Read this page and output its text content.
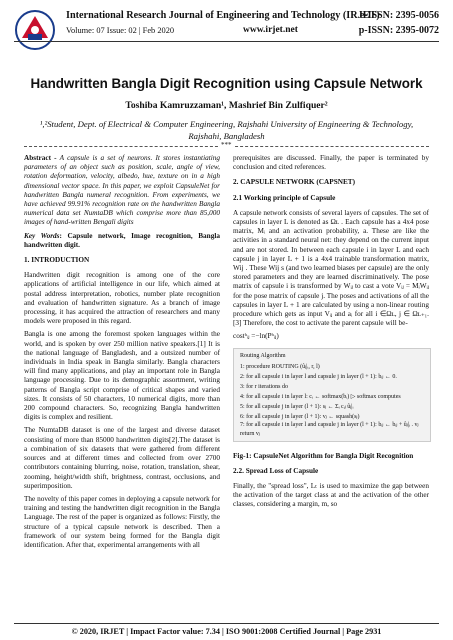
International Research Journal of Engineering and Technology (IRJET)
e-ISSN: 2395-0056
Volume: 07 Issue: 02 | Feb 2020	www.irjet.net	p-ISSN: 2395-0072
Handwritten Bangla Digit Recognition using Capsule Network
Toshiba Kamruzzaman¹, Mashrief Bin Zulfiquer²
¹,²Student, Dept. of Electrical & Computer Engineering, Rajshahi University of Engineering & Technology,
Rajshahi, Bangladesh
***

Abstract - A capsule is a set of neurons. It stores instantiating parameters of an object such as position, scale, angle of view, rotation deformation, velocity, albedo, hue, texture on in a high dimensional vector space. In this paper, we exploit CapsuleNet for handwritten Bangla numeral recognition. From experiments, we have achieved 99.91% recognition rate on the handwritten Bangla numerical data set NumtaDB which comprise more than 85,000 images of hand-written Bengali digits

Key Words: Capsule network, Image recognition, Bangla handwritten digit.

1. INTRODUCTION

Handwritten digit recognition is among one of the core applications of artificial intelligence in our life, which aimed at postal address interpretation, robotics, number plate recognition and evaluation of handwritten signature. As a branch of image processing, it has acquired the attraction of researchers and many models were proposed in this regard.

Bangla is one among the foremost spoken languages within the world, and is spoken by over 250 million native speakers.[1] It is the national language of Bangladesh, and a outsized number of individuals in India speak in Bangla similarly. Bangla characters will find many applications, and play an important role in Bangla language processing. Due to its demographic assortment, writing patterns of Bangla script comprise of critical shapes and varied sizes. It consists of 50 characters, 10 numerical digits, more than 200 compound characters. So, recognizing Bangla handwritten digits is complex and resilient.

The NumtaDB dataset is one of the largest and diverse dataset consisting of more than 85000 handwritten digits[2].The dataset is a combination of six datasets that were gathered from different sources and at different times and collected from over 2700 contributors containing blurring, noise, rotation, translation, shear, zooming, height/width shift, brightness, contrast, occlusions, and superimposition.

The novelty of this paper comes in deploying a capsule network for training and testing the handwritten digit recognition in the Bangla Language. The rest of the paper is organized as follows: Firstly, the structure of a typical capsule network is described. Then a framework of our system being formed for the Bangla digit identification. After that, experimental arrangements with all

prerequisites are discussed. Finally, the paper is terminated by conclusion and cited references.

2. CAPSULE NETWORK (CAPSNET)

2.1 Working principle of Capsule

A capsule network consists of several layers of capsules. The set of capsules in layer L is denoted as Ωʟ . Each capsule has a 4x4 pose matrix, Mᵢ and an activation probability, a. These are like the activities in a standard neural net: they depend on the current input and are not stored. In between each capsule i in layer L and each capsule j in layer L + 1 is a 4x4 trainable transformation matrix, Wij . These Wij s (and two learned biases per capsule) are the only stored parameters and they are learned discriminatively. The pose matrix of capsule i is transformed by Wᵢⱼ to cast a vote Vᵢⱼ = MᵢWᵢⱼ for the pose matrix of capsule j. The poses and activations of all the capsules in layer L + 1 are calculated by using a non-linear routing procedure which gets as input Vᵢⱼ and aᵢ for all i ∈Ωʟ, j ∈ Ωʟ₊₁. [3] Therefore, the cost to activate the parent capsule will be-

costʰᵢⱼ =−ln(Pʰᵢⱼ)

Routing Algorithm
1: procedure ROUTING (ûⱼ|ᵢ, r, l)
2: for all capsule i in layer l and capsule j in layer (l + 1): bᵢⱼ ← 0.
3: for r iterations do
4: for all capsule i in layer l: cᵢ ← softmax(bᵢ) ▷ softmax computes
5: for all capsule j in layer (l + 1): sⱼ ← Σᵢ cᵢⱼ ûⱼ|ᵢ
6: for all capsule j in layer (l + 1): vⱼ ← squash(sⱼ)
7: for all capsule i in layer l and capsule j in layer (l + 1): bᵢⱼ ← bᵢⱼ + ûⱼ|ᵢ . vⱼ
return vⱼ

Fig-1: CapsuleNet Algorithm for Bangla Digit Recognition

2.2. Spread Loss of Capsule

Finally, the "spread loss", Lₜ is used to maximize the gap between the activation of the target class at and the activation of the other classes, considering a margin, m, so

© 2020, IRJET | Impact Factor value: 7.34 | ISO 9001:2008 Certified Journal | Page 2931
